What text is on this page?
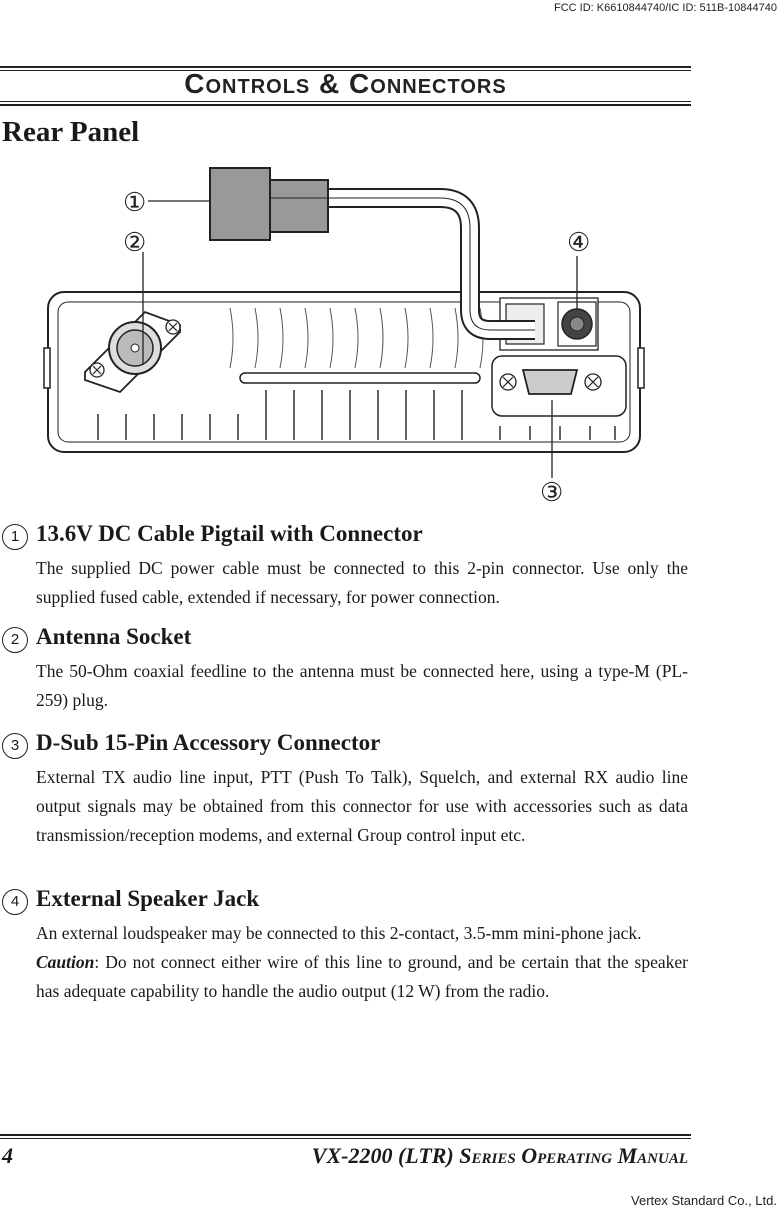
FCC ID: K6610844740/IC ID: 511B-10844740
Controls & Connectors
Rear Panel
①
②	④
③
1 13.6V DC Cable Pigtail with Connector
The supplied DC power cable must be connected to this 2-pin connector. Use only the supplied fused cable, extended if necessary, for power connection.
2 Antenna Socket
The 50-Ohm coaxial feedline to the antenna must be connected here, using a type-M (PL-259) plug.
3 D-Sub 15-Pin Accessory Connector
External TX audio line input, PTT (Push To Talk), Squelch, and external RX audio line output signals may be obtained from this connector for use with accessories such as data transmission/reception modems, and external Group control input etc.
4 External Speaker Jack
An external loudspeaker may be connected to this 2-contact, 3.5-mm mini-phone jack.
Caution: Do not connect either wire of this line to ground, and be certain that the speaker has adequate capability to handle the audio output (12 W) from the radio.
4	VX-2200 (LTR) Series Operating Manual
Vertex Standard Co., Ltd.
